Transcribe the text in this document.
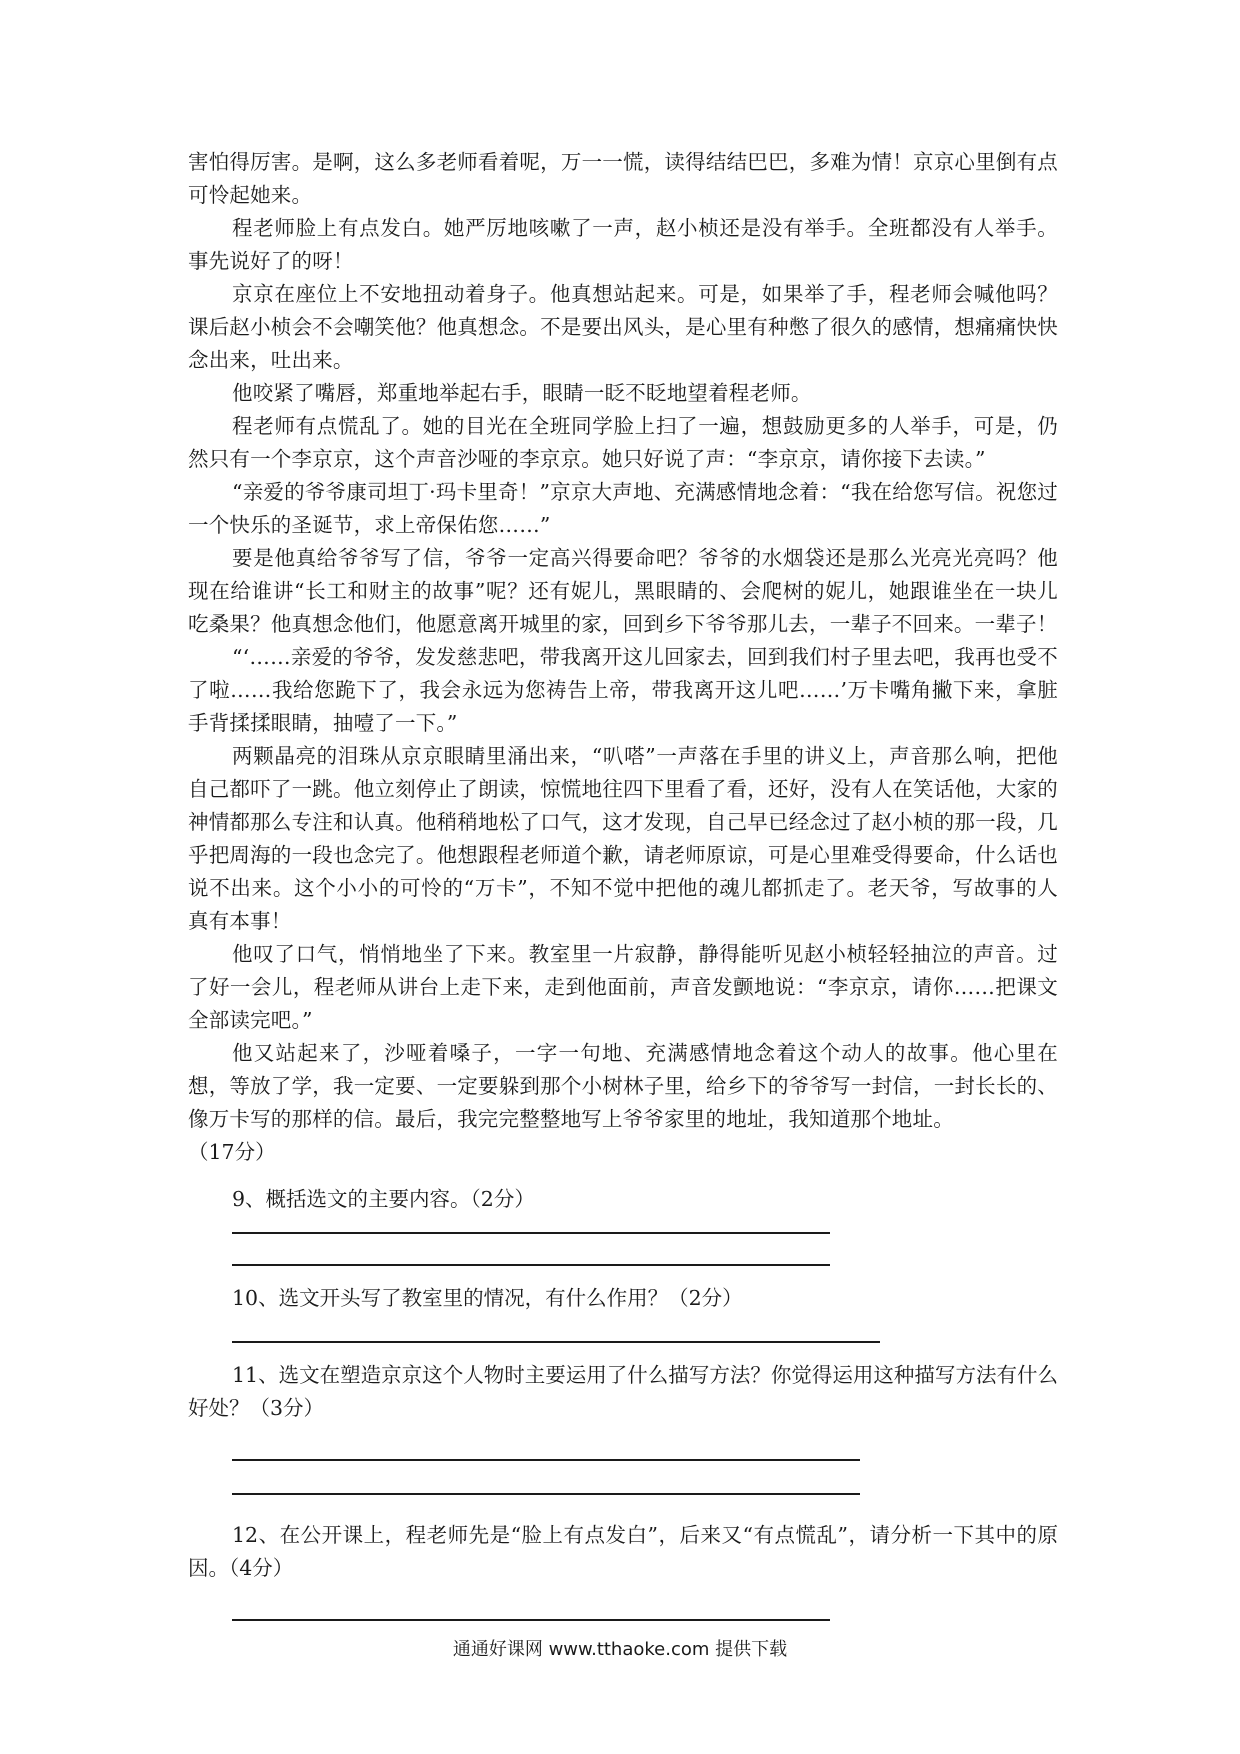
害怕得厉害。是啊，这么多老师看着呢，万一一慌，读得结结巴巴，多难为情！京京心里倒有点可怜起她来。

程老师脸上有点发白。她严厉地咳嗽了一声，赵小桢还是没有举手。全班都没有人举手。事先说好了的呀！

京京在座位上不安地扭动着身子。他真想站起来。可是，如果举了手，程老师会喊他吗？课后赵小桢会不会嘲笑他？他真想念。不是要出风头，是心里有种憋了很久的感情，想痛痛快快念出来，吐出来。

他咬紧了嘴唇，郑重地举起右手，眼睛一眨不眨地望着程老师。

程老师有点慌乱了。她的目光在全班同学脸上扫了一遍，想鼓励更多的人举手，可是，仍然只有一个李京京，这个声音沙哑的李京京。她只好说了声：“李京京，请你接下去读。”

“亲爱的爷爷康司坦丁·玛卡里奇！”京京大声地、充满感情地念着：“我在给您写信。祝您过一个快乐的圣诞节，求上帝保佑您……”

要是他真给爷爷写了信，爷爷一定高兴得要命吧？爷爷的水烟袋还是那么光亮光亮吗？他现在给谁讲“长工和财主的故事”呢？还有妮儿，黑眼睛的、会爬树的妮儿，她跟谁坐在一块儿吃桑果？他真想念他们，他愿意离开城里的家，回到乡下爷爷那儿去，一辈子不回来。一辈子！

“‘……亲爱的爷爷，发发慈悲吧，带我离开这儿回家去，回到我们村子里去吧，我再也受不了啦……我给您跪下了，我会永远为您祷告上帝，带我离开这儿吧……’万卡嘴角撇下来，拿脏手背揉揉眼睛，抽噎了一下。”

两颗晶亮的泪珠从京京眼睛里涌出来，“叭嗒”一声落在手里的讲义上，声音那么响，把他自己都吓了一跳。他立刻停止了朗读，惊慌地往四下里看了看，还好，没有人在笑话他，大家的神情都那么专注和认真。他稍稍地松了口气，这才发现，自己早已经念过了赵小桢的那一段，几乎把周海的一段也念完了。他想跟程老师道个歉，请老师原谅，可是心里难受得要命，什么话也说不出来。这个小小的可怜的“万卡”，不知不觉中把他的魂儿都抓走了。老天爷，写故事的人真有本事！

他叹了口气，悄悄地坐了下来。教室里一片寂静，静得能听见赵小桢轻轻抽泣的声音。过了好一会儿，程老师从讲台上走下来，走到他面前，声音发颤地说：“李京京，请你……把课文全部读完吧。”

他又站起来了，沙哑着嗓子，一字一句地、充满感情地念着这个动人的故事。他心里在想，等放了学，我一定要、一定要躲到那个小树林子里，给乡下的爷爷写一封信，一封长长的、像万卡写的那样的信。最后，我完完整整地写上爷爷家里的地址，我知道那个地址。

（17分）

9、概括选文的主要内容。（2分）

10、选文开头写了教室里的情况，有什么作用？（2分）

11、选文在塑造京京这个人物时主要运用了什么描写方法？你觉得运用这种描写方法有什么好处？（3分）

12、在公开课上，程老师先是“脸上有点发白”，后来又“有点慌乱”，请分析一下其中的原因。（4分）

通通好课网 www.tthaoke.com 提供下载
